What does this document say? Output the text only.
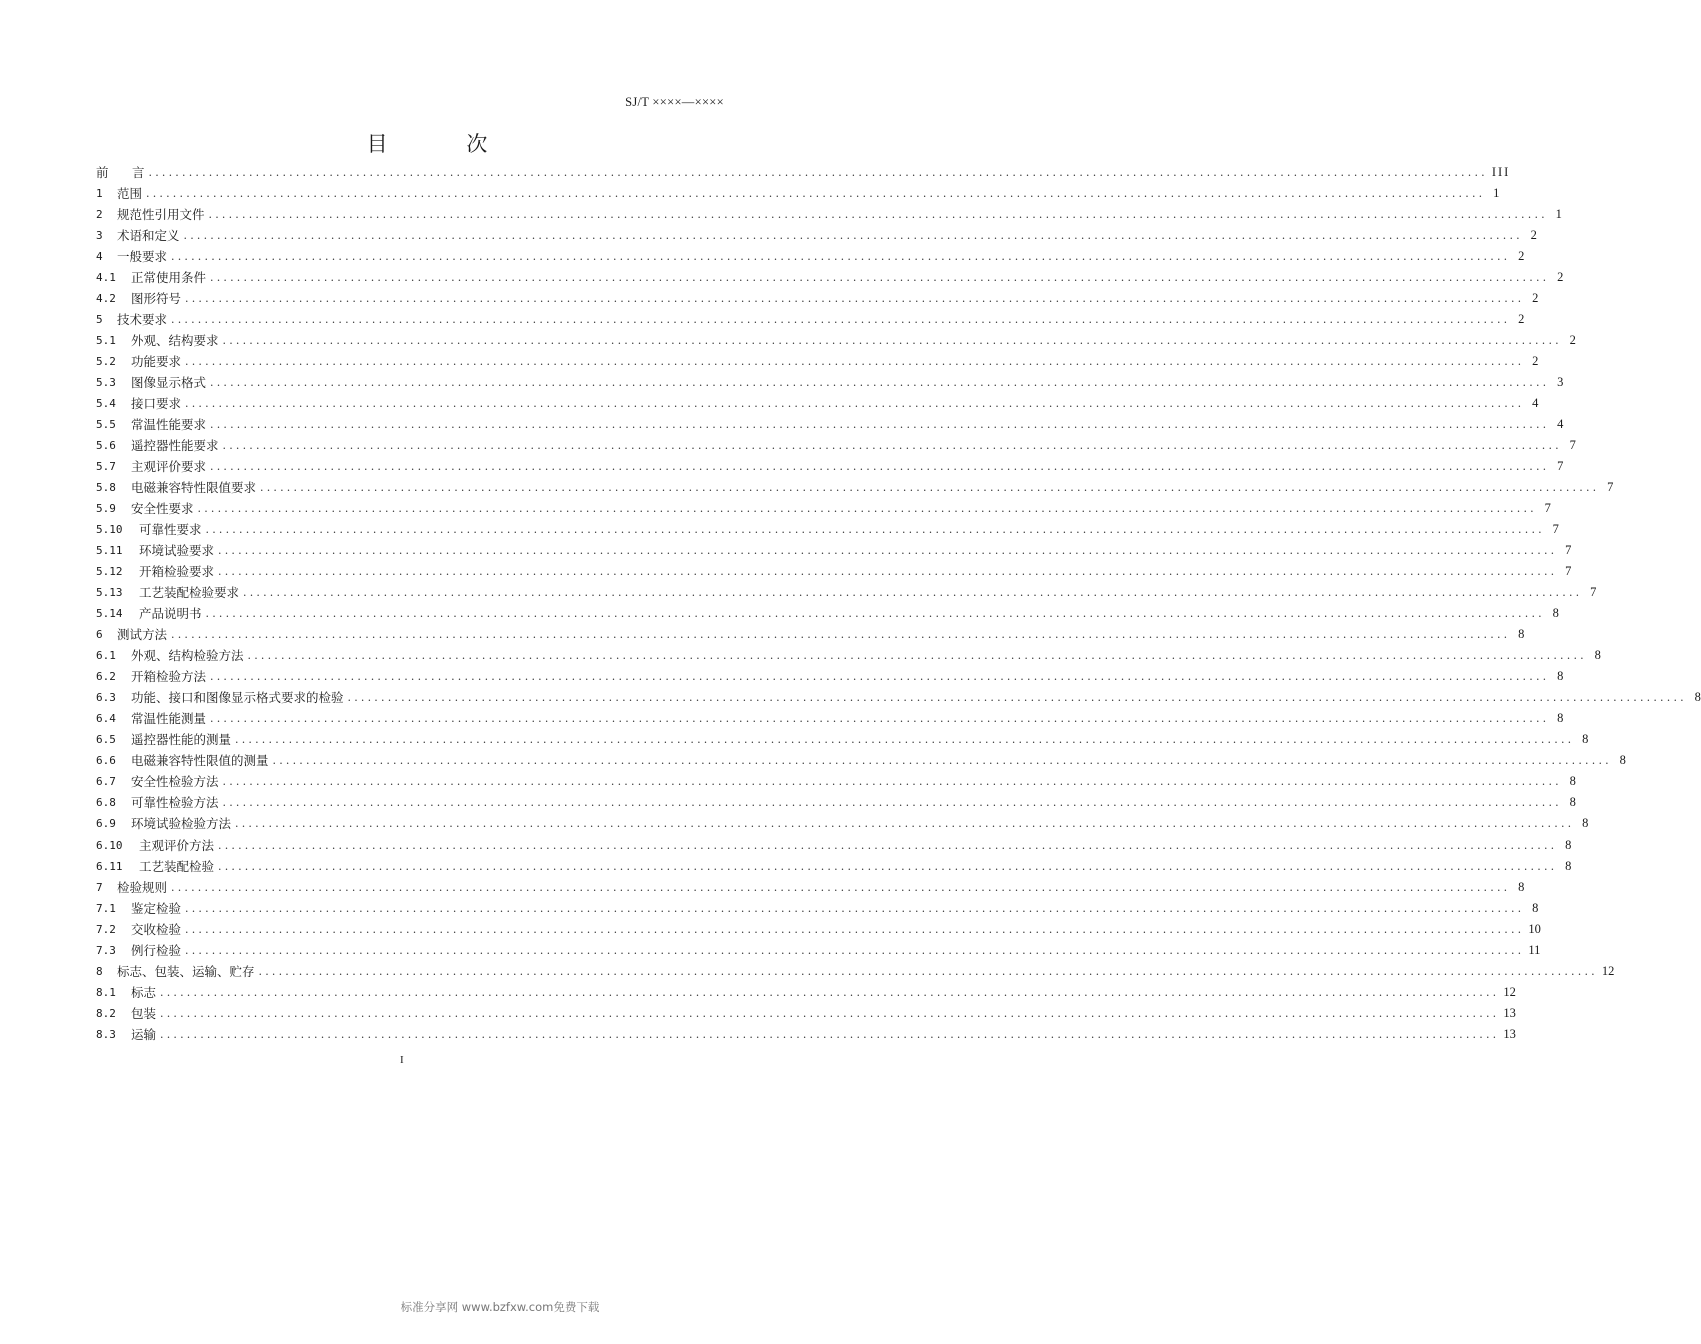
SJ/T ××××—××××
目 次
前	言 ........................................................................................................................................................................................................ III
1	范围 ........................................................................................................................................................................................................ 1
2	规范性引用文件 ........................................................................................................................................................................................................ 1
3	术语和定义 ........................................................................................................................................................................................................ 2
4	一般要求 ........................................................................................................................................................................................................ 2
4.1	正常使用条件 ........................................................................................................................................................................................................ 2
4.2	图形符号 ........................................................................................................................................................................................................ 2
5	技术要求 ........................................................................................................................................................................................................ 2
5.1	外观、结构要求 ........................................................................................................................................................................................................ 2
5.2	功能要求 ........................................................................................................................................................................................................ 2
5.3	图像显示格式 ........................................................................................................................................................................................................ 3
5.4	接口要求 ........................................................................................................................................................................................................ 4
5.5	常温性能要求 ........................................................................................................................................................................................................ 4
5.6	遥控器性能要求 ........................................................................................................................................................................................................ 7
5.7	主观评价要求 ........................................................................................................................................................................................................ 7
5.8	电磁兼容特性限值要求 ........................................................................................................................................................................................................ 7
5.9	安全性要求 ........................................................................................................................................................................................................ 7
5.10	可靠性要求 ........................................................................................................................................................................................................ 7
5.11	环境试验要求 ........................................................................................................................................................................................................ 7
5.12	开箱检验要求 ........................................................................................................................................................................................................ 7
5.13	工艺装配检验要求 ........................................................................................................................................................................................................ 7
5.14	产品说明书 ........................................................................................................................................................................................................ 8
6	测试方法 ........................................................................................................................................................................................................ 8
6.1	外观、结构检验方法 ........................................................................................................................................................................................................ 8
6.2	开箱检验方法 ........................................................................................................................................................................................................ 8
6.3	功能、接口和图像显示格式要求的检验 ........................................................................................................................................................................................................ 8
6.4	常温性能测量 ........................................................................................................................................................................................................ 8
6.5	遥控器性能的测量 ........................................................................................................................................................................................................ 8
6.6	电磁兼容特性限值的测量 ........................................................................................................................................................................................................ 8
6.7	安全性检验方法 ........................................................................................................................................................................................................ 8
6.8	可靠性检验方法 ........................................................................................................................................................................................................ 8
6.9	环境试验检验方法 ........................................................................................................................................................................................................ 8
6.10	主观评价方法 ........................................................................................................................................................................................................ 8
6.11	工艺装配检验 ........................................................................................................................................................................................................ 8
7	检验规则 ........................................................................................................................................................................................................ 8
7.1	鉴定检验 ........................................................................................................................................................................................................ 8
7.2	交收检验 ........................................................................................................................................................................................................ 10
7.3	例行检验 ........................................................................................................................................................................................................ 11
8	标志、包装、运输、贮存 ........................................................................................................................................................................................................ 12
8.1	标志 ........................................................................................................................................................................................................ 12
8.2	包装 ........................................................................................................................................................................................................ 13
8.3	运输 ........................................................................................................................................................................................................ 13
I
标准分享网 www.bzfxw.com免费下载
